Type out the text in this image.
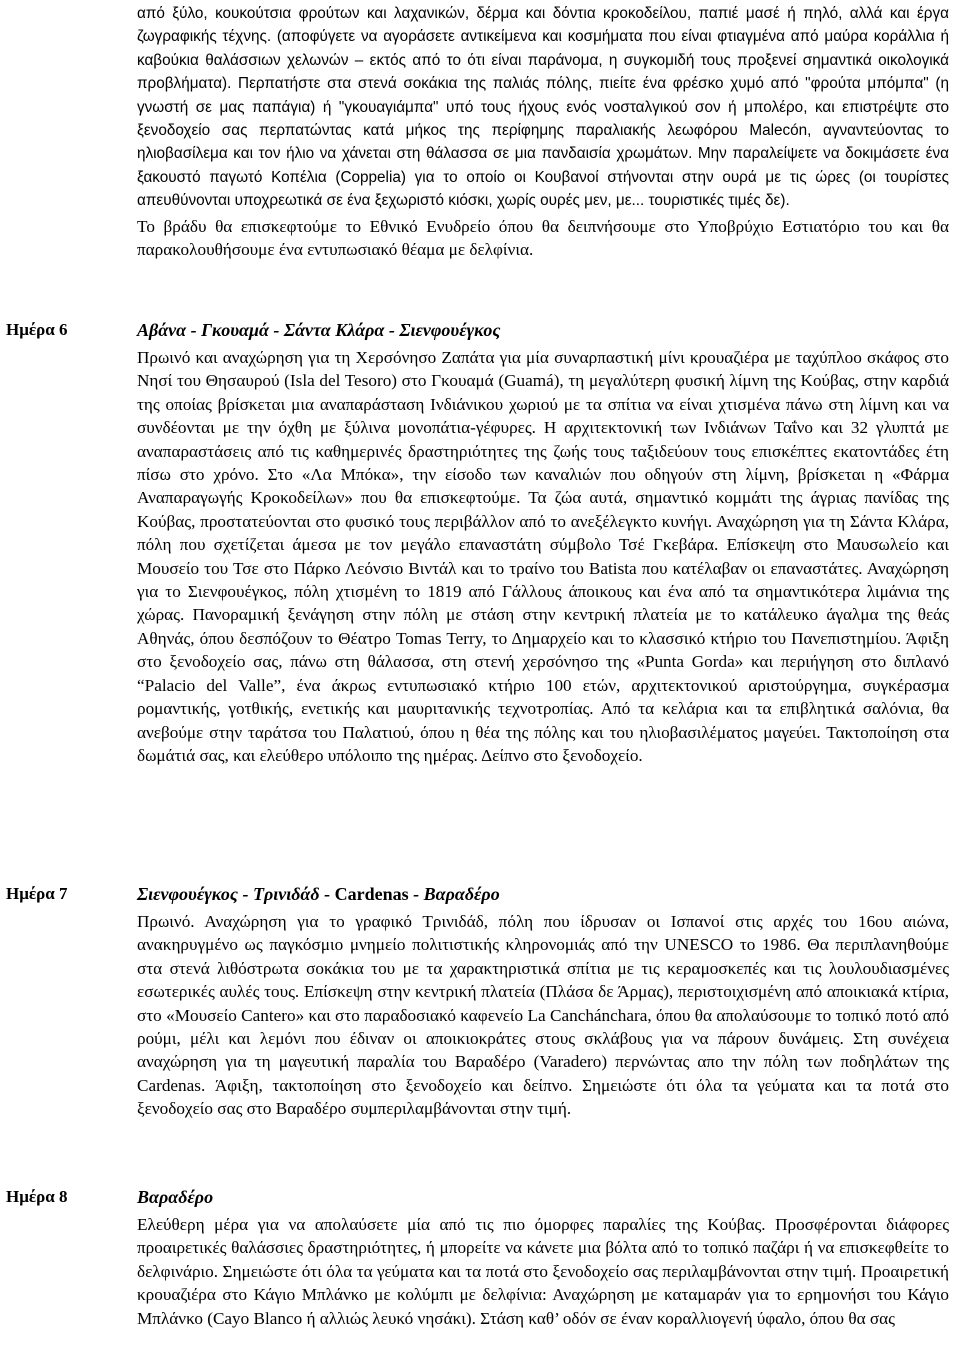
από ξύλο, κουκούτσια φρούτων και λαχανικών, δέρμα και δόντια κροκοδείλου, παπιέ μασέ ή πηλό, αλλά και έργα ζωγραφικής τέχνης. (αποφύγετε να αγοράσετε αντικείμενα και κοσμήματα που είναι φτιαγμένα από μαύρα κοράλλια ή καβούκια θαλάσσιων χελωνών – εκτός από το ότι είναι παράνομα, η συγκομιδή τους προξενεί σημαντικά οικολογικά προβλήματα). Περπατήστε στα στενά σοκάκια της παλιάς πόλης, πιείτε ένα φρέσκο χυμό από "φρούτα μπόμπα" (η γνωστή σε μας παπάγια) ή "γκουαγιάμπα" υπό τους ήχους ενός νοσταλγικού σον ή μπολέρο, και επιστρέψτε στο ξενοδοχείο σας περπατώντας κατά μήκος της περίφημης παραλιακής λεωφόρου Malecón, αγναντεύοντας το ηλιοβασίλεμα και τον ήλιο να χάνεται στη θάλασσα σε μια πανδαισία χρωμάτων. Μην παραλείψετε να δοκιμάσετε ένα ξακουστό παγωτό Κοπέλια (Coppelia) για το οποίο οι Κουβανοί στήνονται στην ουρά με τις ώρες (οι τουρίστες απευθύνονται υποχρεωτικά σε ένα ξεχωριστό κιόσκι, χωρίς ουρές μεν, με... τουριστικές τιμές δε).

Το βράδυ θα επισκεφτούμε το Εθνικό Ενυδρείο όπου θα δειπνήσουμε στο Υποβρύχιο Εστιατόριο του και θα παρακολουθήσουμε ένα εντυπωσιακό θέαμα με δελφίνια.

Ημέρα 6	Αβάνα - Γκουαμά - Σάντα Κλάρα - Σιενφουέγκος

Πρωινό και αναχώρηση για τη Χερσόνησο Ζαπάτα για μία συναρπαστική μίνι κρουαζιέρα με ταχύπλοο σκάφος στο Νησί του Θησαυρού (Isla del Tesoro) στο Γκουαμά (Guamá), τη μεγαλύτερη φυσική λίμνη της Κούβας, στην καρδιά της οποίας βρίσκεται μια αναπαράσταση Ινδιάνικου χωριού με τα σπίτια να είναι χτισμένα πάνω στη λίμνη και να συνδέονται με την όχθη με ξύλινα μονοπάτια-γέφυρες. Η αρχιτεκτονική των Ινδιάνων Ταΐνο και 32 γλυπτά με αναπαραστάσεις από τις καθημερινές δραστηριότητες της ζωής τους ταξιδεύουν τους επισκέπτες εκατοντάδες έτη πίσω στο χρόνο. Στο «Λα Μπόκα», την είσοδο των καναλιών που οδηγούν στη λίμνη, βρίσκεται η «Φάρμα Αναπαραγωγής Κροκοδείλων» που θα επισκεφτούμε. Τα ζώα αυτά, σημαντικό κομμάτι της άγριας πανίδας της Κούβας, προστατεύονται στο φυσικό τους περιβάλλον από το ανεξέλεγκτο κυνήγι. Αναχώρηση για τη Σάντα Κλάρα, πόλη που σχετίζεται άμεσα με τον μεγάλο επαναστάτη σύμβολο Τσέ Γκεβάρα. Επίσκεψη στο Μαυσωλείο και Μουσείο του Τσε στο Πάρκο Λεόνσιο Βιντάλ και το τραίνο του Batista που κατέλαβαν οι επαναστάτες. Αναχώρηση για το Σιενφουέγκος, πόλη χτισμένη το 1819 από Γάλλους άποικους και ένα από τα σημαντικότερα λιμάνια της χώρας. Πανοραμική ξενάγηση στην πόλη με στάση στην κεντρική πλατεία με το κατάλευκο άγαλμα της θεάς Αθηνάς, όπου δεσπόζουν το Θέατρο Tomas Terry, το Δημαρχείο και το κλασσικό κτήριο του Πανεπιστημίου. Άφιξη στο ξενοδοχείο σας, πάνω στη θάλασσα, στη στενή χερσόνησο της «Punta Gorda» και περιήγηση στο διπλανό “Palacio del Valle”, ένα άκρως εντυπωσιακό κτήριο 100 ετών, αρχιτεκτονικού αριστούργημα, συγκέρασμα ρομαντικής, γοτθικής, ενετικής και μαυριτανικής τεχνοτροπίας. Από τα κελάρια και τα επιβλητικά σαλόνια, θα ανεβούμε στην ταράτσα του Παλατιού, όπου η θέα της πόλης και του ηλιοβασιλέματος μαγεύει. Τακτοποίηση στα δωμάτιά σας, και ελεύθερο υπόλοιπο της ημέρας. Δείπνο στο ξενοδοχείο.

Ημέρα 7	Σιενφουέγκος - Τρινιδάδ - Cardenas - Βαραδέρο

Πρωινό. Αναχώρηση για το γραφικό Τρινιδάδ, πόλη που ίδρυσαν οι Ισπανοί στις αρχές του 16ου αιώνα, ανακηρυγμένο ως παγκόσμιο μνημείο πολιτιστικής κληρονομιάς από την UNESCO το 1986. Θα περιπλανηθούμε στα στενά λιθόστρωτα σοκάκια του με τα χαρακτηριστικά σπίτια με τις κεραμοσκεπές και τις λουλουδιασμένες εσωτερικές αυλές τους. Επίσκεψη στην κεντρική πλατεία (Πλάσα δε Άρμας), περιστοιχισμένη από αποικιακά κτίρια, στο «Μουσείο Cantero» και στο παραδοσιακό καφενείο La Canchánchara, όπου θα απολαύσουμε το τοπικό ποτό από ρούμι, μέλι και λεμόνι που έδιναν οι αποικιοκράτες στους σκλάβους για να πάρουν δυνάμεις. Στη συνέχεια αναχώρηση για τη μαγευτική παραλία του Βαραδέρο (Varadero) περνώντας απο την πόλη των ποδηλάτων της Cardenas. Άφιξη, τακτοποίηση στο ξενοδοχείο και δείπνο. Σημειώστε ότι όλα τα γεύματα και τα ποτά στο ξενοδοχείο σας στο Βαραδέρο συμπεριλαμβάνονται στην τιμή.

Ημέρα 8	Βαραδέρο

Ελεύθερη μέρα για να απολαύσετε μία από τις πιο όμορφες παραλίες της Κούβας. Προσφέρονται διάφορες προαιρετικές θαλάσσιες δραστηριότητες, ή μπορείτε να κάνετε μια βόλτα από το τοπικό παζάρι ή να επισκεφθείτε το δελφινάριο. Σημειώστε ότι όλα τα γεύματα και τα ποτά στο ξενοδοχείο σας περιλαμβάνονται στην τιμή. Προαιρετική κρουαζιέρα στο Κάγιο Μπλάνκο με κολύμπι με δελφίνια: Αναχώρηση με καταμαράν για το ερημονήσι του Κάγιο Μπλάνκο (Cayo Blanco ή αλλιώς λευκό νησάκι). Στάση καθ’ οδόν σε έναν κοραλλιογενή ύφαλο, όπου θα σας
